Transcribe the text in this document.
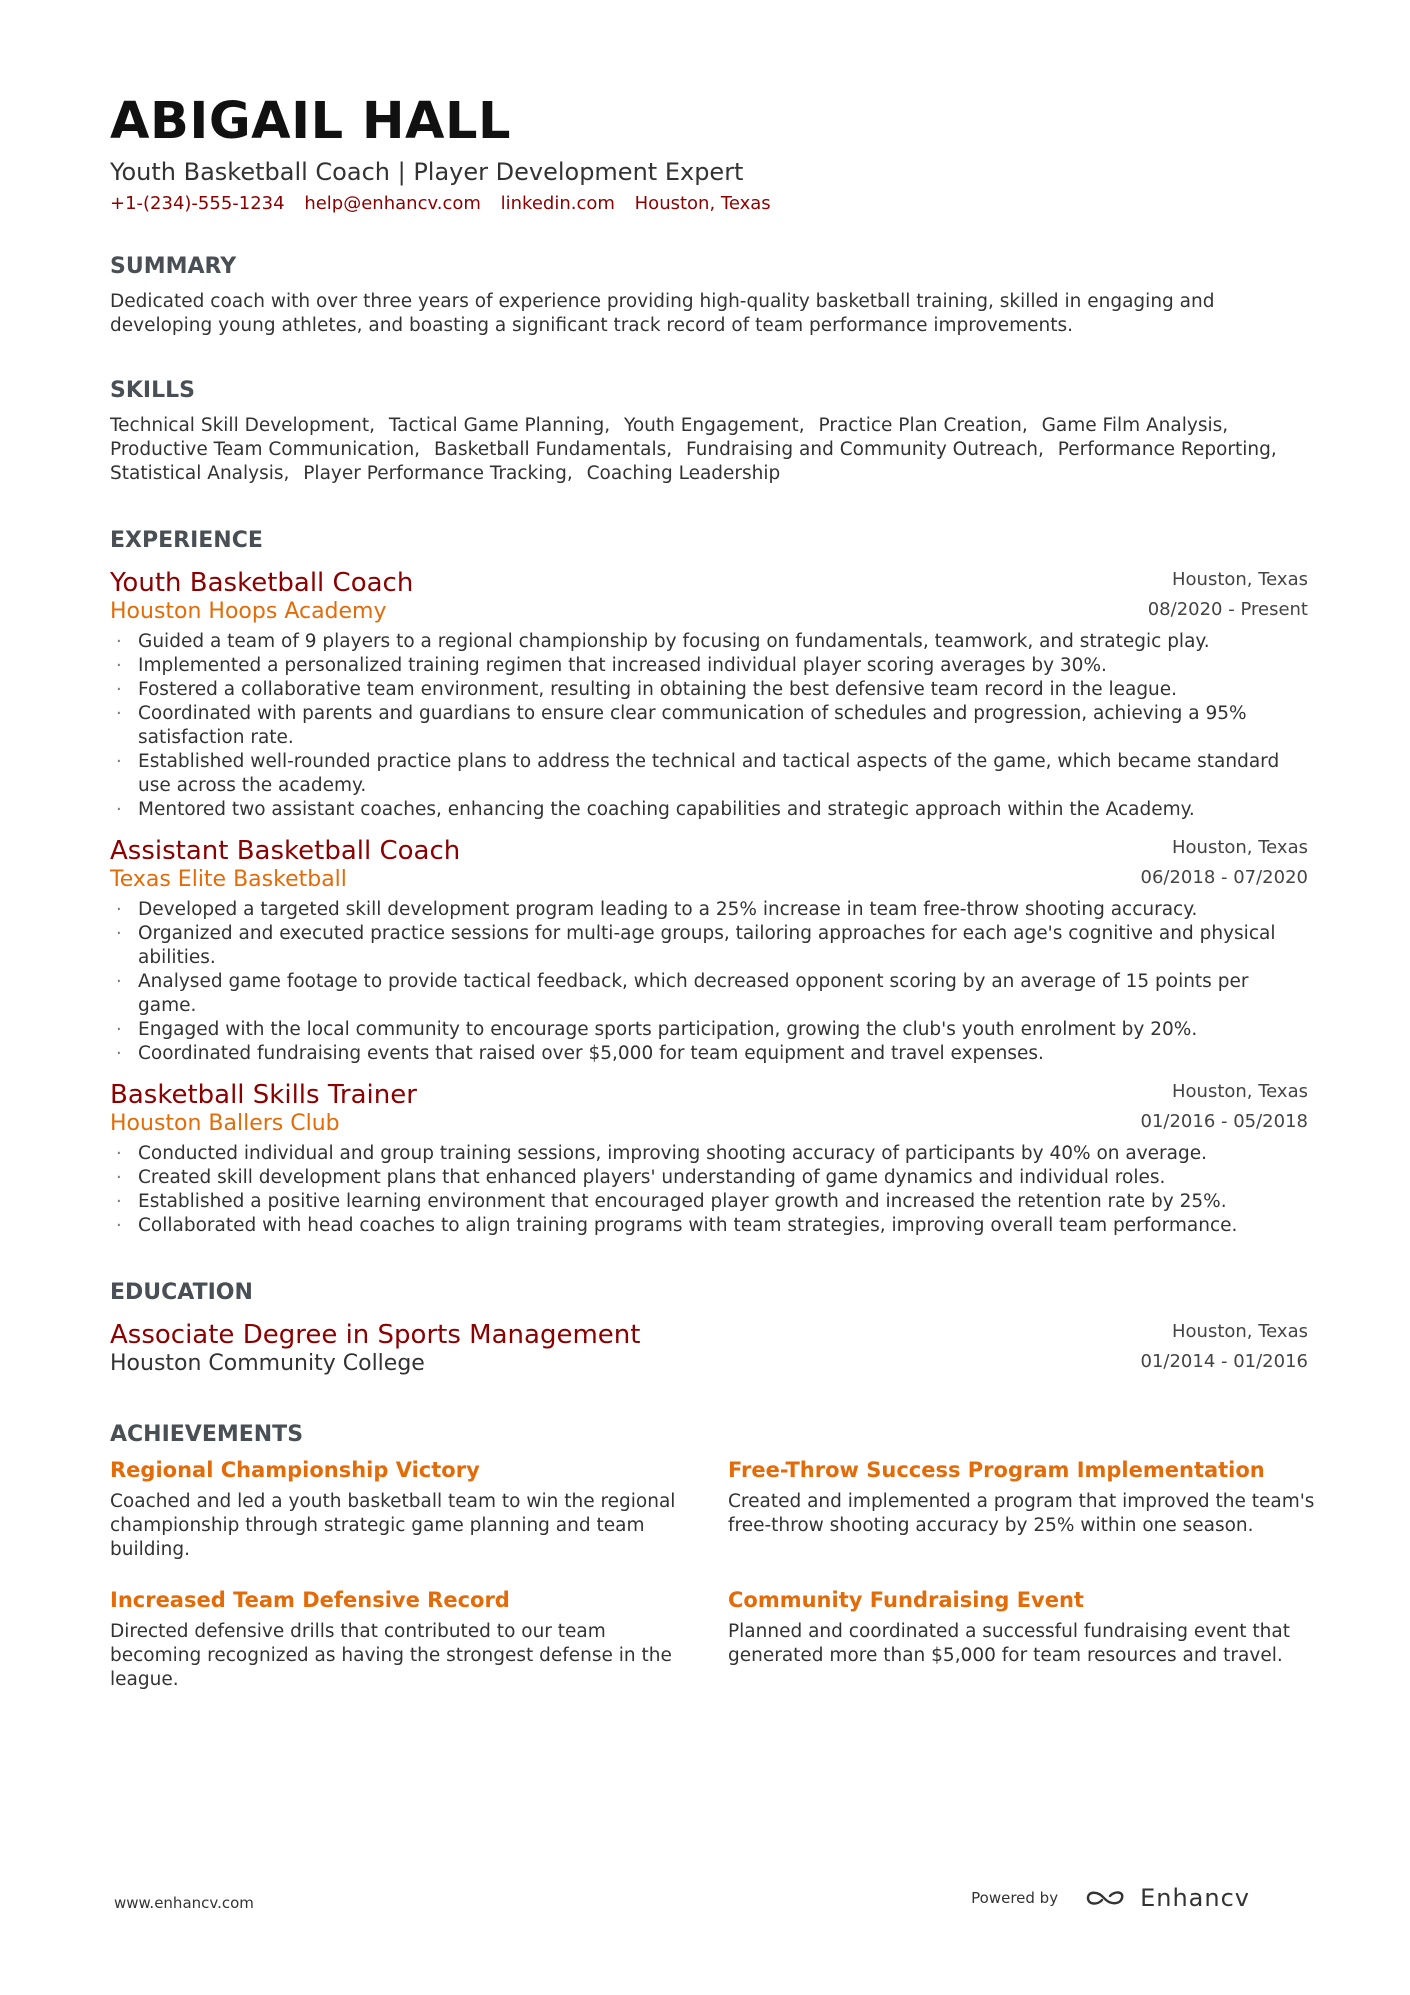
ABIGAIL HALL
Youth Basketball Coach | Player Development Expert
+1-(234)-555-1234 help@enhancv.com linkedin.com Houston, Texas
SUMMARY
Dedicated coach with over three years of experience providing high-quality basketball training, skilled in engaging and developing young athletes, and boasting a significant track record of team performance improvements.
SKILLS
Technical Skill Development, Tactical Game Planning, Youth Engagement, Practice Plan Creation, Game Film Analysis,
Productive Team Communication, Basketball Fundamentals, Fundraising and Community Outreach, Performance Reporting,
Statistical Analysis, Player Performance Tracking, Coaching Leadership
EXPERIENCE
Youth Basketball Coach
Houston Hoops Academy
Houston, Texas
08/2020 - Present
· Guided a team of 9 players to a regional championship by focusing on fundamentals, teamwork, and strategic play.
· Implemented a personalized training regimen that increased individual player scoring averages by 30%.
· Fostered a collaborative team environment, resulting in obtaining the best defensive team record in the league.
· Coordinated with parents and guardians to ensure clear communication of schedules and progression, achieving a 95% satisfaction rate.
· Established well-rounded practice plans to address the technical and tactical aspects of the game, which became standard use across the academy.
· Mentored two assistant coaches, enhancing the coaching capabilities and strategic approach within the Academy.
Assistant Basketball Coach
Texas Elite Basketball
Houston, Texas
06/2018 - 07/2020
· Developed a targeted skill development program leading to a 25% increase in team free-throw shooting accuracy.
· Organized and executed practice sessions for multi-age groups, tailoring approaches for each age's cognitive and physical abilities.
· Analysed game footage to provide tactical feedback, which decreased opponent scoring by an average of 15 points per game.
· Engaged with the local community to encourage sports participation, growing the club's youth enrolment by 20%.
· Coordinated fundraising events that raised over $5,000 for team equipment and travel expenses.
Basketball Skills Trainer
Houston Ballers Club
Houston, Texas
01/2016 - 05/2018
· Conducted individual and group training sessions, improving shooting accuracy of participants by 40% on average.
· Created skill development plans that enhanced players' understanding of game dynamics and individual roles.
· Established a positive learning environment that encouraged player growth and increased the retention rate by 25%.
· Collaborated with head coaches to align training programs with team strategies, improving overall team performance.
EDUCATION
Associate Degree in Sports Management
Houston Community College
Houston, Texas
01/2014 - 01/2016
ACHIEVEMENTS
Regional Championship Victory
Coached and led a youth basketball team to win the regional championship through strategic game planning and team building.
Free-Throw Success Program Implementation
Created and implemented a program that improved the team's free-throw shooting accuracy by 25% within one season.
Increased Team Defensive Record
Directed defensive drills that contributed to our team becoming recognized as having the strongest defense in the league.
Community Fundraising Event
Planned and coordinated a successful fundraising event that generated more than $5,000 for team resources and travel.
www.enhancv.com	Powered by	Enhancv
